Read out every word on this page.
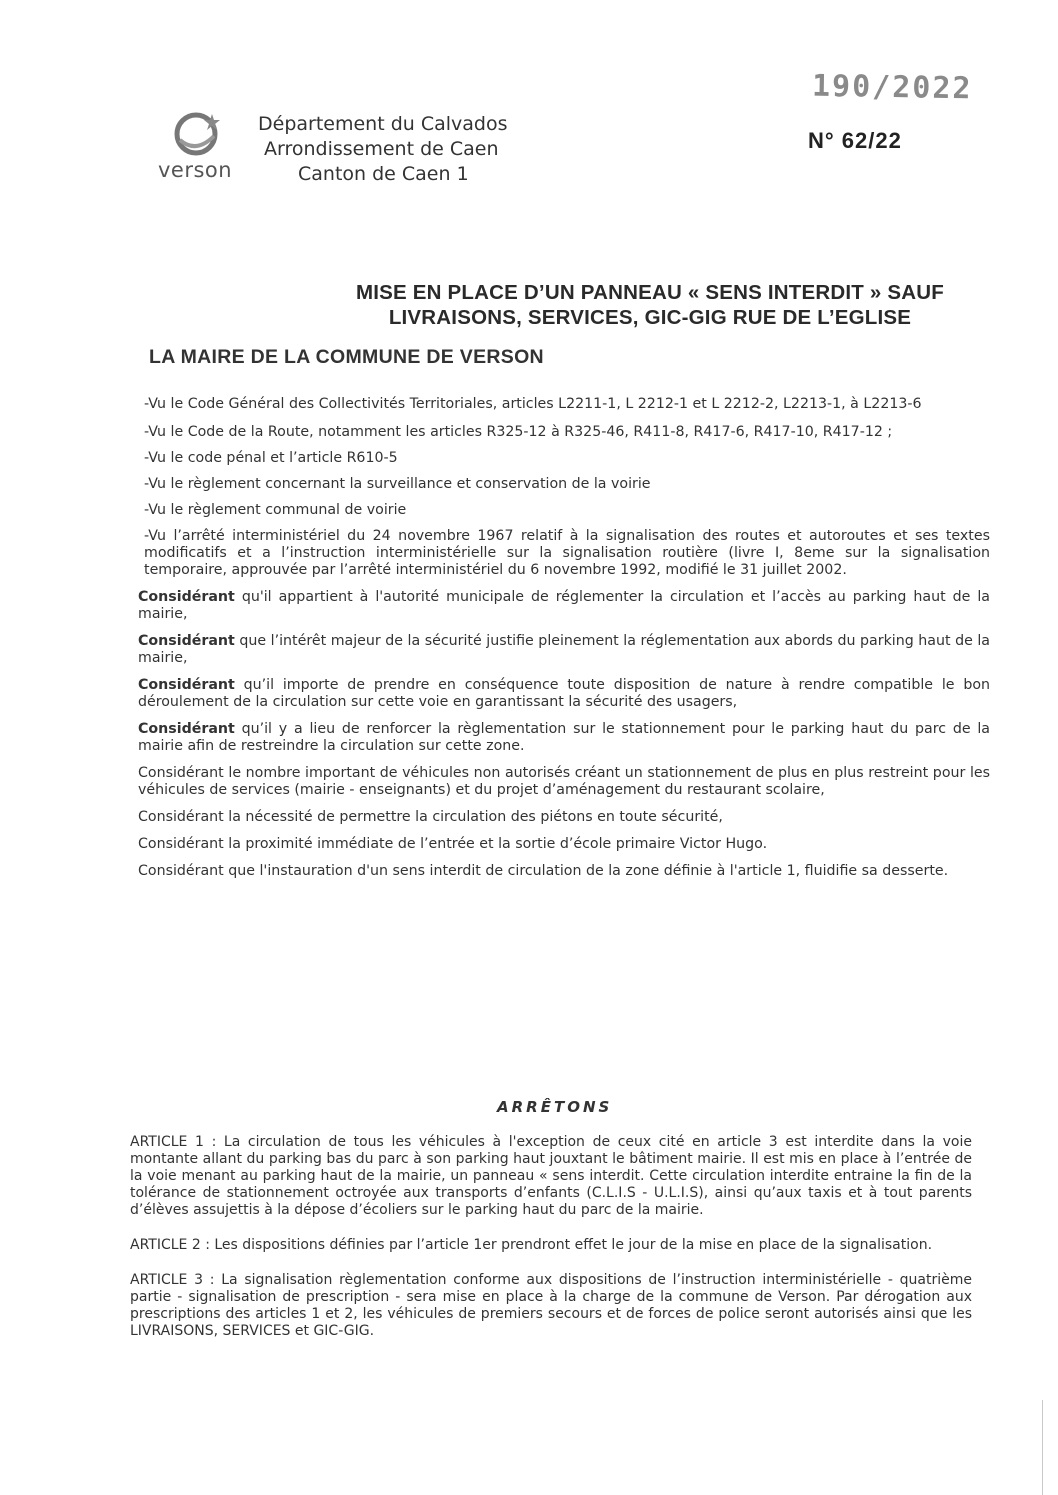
190/2022
N° 62/22
verson
Département du Calvados
Arrondissement de Caen
Canton de Caen 1
MISE EN PLACE D’UN PANNEAU « SENS INTERDIT » SAUF
LIVRAISONS, SERVICES, GIC-GIG RUE DE L’EGLISE
LA MAIRE DE LA COMMUNE DE VERSON

-Vu le Code Général des Collectivités Territoriales, articles L2211-1, L 2212-1 et L 2212-2, L2213-1, à L2213-6

-Vu le Code de la Route, notamment les articles R325-12 à R325-46, R411-8, R417-6, R417-10, R417-12 ;

-Vu le code pénal et l’article R610-5

-Vu le règlement concernant la surveillance et conservation de la voirie

-Vu le règlement communal de voirie

-Vu l’arrêté interministériel du 24 novembre 1967 relatif à la signalisation des routes et autoroutes et ses textes modificatifs et a l’instruction interministérielle sur la signalisation routière (livre I, 8eme sur la signalisation temporaire, approuvée par l’arrêté interministériel du 6 novembre 1992, modifié le 31 juillet 2002.

Considérant qu'il appartient à l'autorité municipale de réglementer la circulation et l’accès au parking haut de la mairie,

Considérant que l’intérêt majeur de la sécurité justifie pleinement la réglementation aux abords du parking haut de la mairie,

Considérant qu’il importe de prendre en conséquence toute disposition de nature à rendre compatible le bon déroulement de la circulation sur cette voie en garantissant la sécurité des usagers,

Considérant qu’il y a lieu de renforcer la règlementation sur le stationnement pour le parking haut du parc de la mairie afin de restreindre la circulation sur cette zone.

Considérant le nombre important de véhicules non autorisés créant un stationnement de plus en plus restreint pour les véhicules de services (mairie - enseignants) et du projet d’aménagement du restaurant scolaire,

Considérant la nécessité de permettre la circulation des piétons en toute sécurité,

Considérant la proximité immédiate de l’entrée et la sortie d’école primaire Victor Hugo.

Considérant que l'instauration d'un sens interdit de circulation de la zone définie à l'article 1, fluidifie sa desserte.

ARRÊTONS

ARTICLE 1 : La circulation de tous les véhicules à l'exception de ceux cité en article 3 est interdite dans la voie montante allant du parking bas du parc à son parking haut jouxtant le bâtiment mairie. Il est mis en place à l’entrée de la voie menant au parking haut de la mairie, un panneau « sens interdit. Cette circulation interdite entraine la fin de la tolérance de stationnement octroyée aux transports d’enfants (C.L.I.S - U.L.I.S), ainsi qu’aux taxis et à tout parents d’élèves assujettis à la dépose d’écoliers sur le parking haut du parc de la mairie.

ARTICLE 2 : Les dispositions définies par l’article 1er prendront effet le jour de la mise en place de la signalisation.

ARTICLE 3 : La signalisation règlementation conforme aux dispositions de l’instruction interministérielle - quatrième partie - signalisation de prescription - sera mise en place à la charge de la commune de Verson. Par dérogation aux prescriptions des articles 1 et 2, les véhicules de premiers secours et de forces de police seront autorisés ainsi que les LIVRAISONS, SERVICES et GIC-GIG.
